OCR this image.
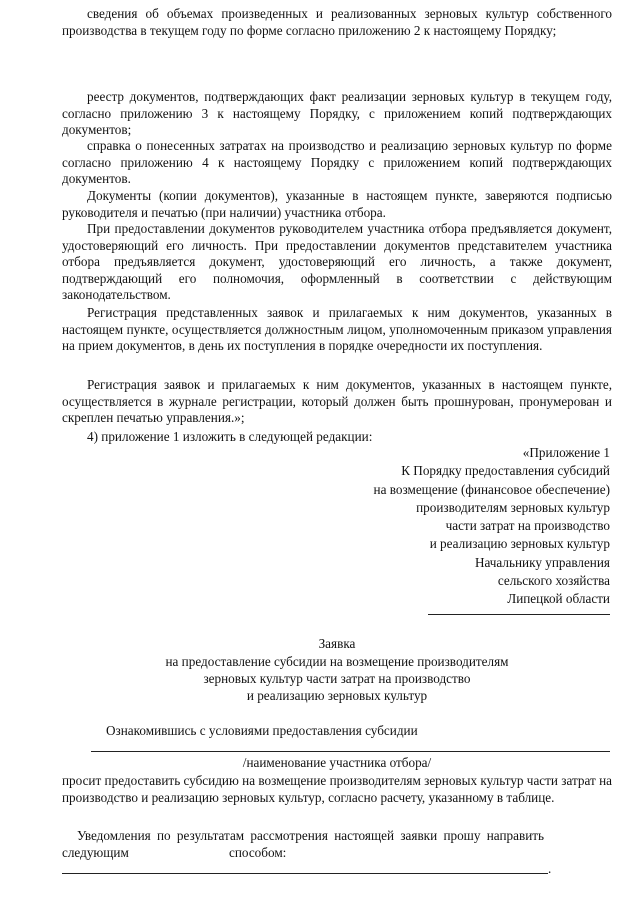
сведения об объемах произведенных и реализованных зерновых культур собственного производства в текущем году по форме согласно приложению 2 к настоящему Порядку;

реестр документов, подтверждающих факт реализации зерновых культур в текущем году, согласно приложению 3 к настоящему Порядку, с приложением копий подтверждающих документов;

справка о понесенных затратах на производство и реализацию зерновых культур по форме согласно приложению 4 к настоящему Порядку с приложением копий подтверждающих документов.

Документы (копии документов), указанные в настоящем пункте, заверяются подписью руководителя и печатью (при наличии) участника отбора.

При предоставлении документов руководителем участника отбора предъявляется документ, удостоверяющий его личность. При предоставлении документов представителем участника отбора предъявляется документ, удостоверяющий его личность, а также документ, подтверждающий его полномочия, оформленный в соответствии с действующим законодательством.

Регистрация представленных заявок и прилагаемых к ним документов, указанных в настоящем пункте, осуществляется должностным лицом, уполномоченным приказом управления на прием документов, в день их поступления в порядке очередности их поступления.

Регистрация заявок и прилагаемых к ним документов, указанных в настоящем пункте, осуществляется в журнале регистрации, который должен быть прошнурован, пронумерован и скреплен печатью управления.»;

4) приложение 1 изложить в следующей редакции:

«Приложение 1
К Порядку предоставления субсидий
на возмещение (финансовое обеспечение)
производителям зерновых культур
части затрат на производство
и реализацию зерновых культур
Начальнику управления
сельского хозяйства
Липецкой области
Заявка
на предоставление субсидии на возмещение производителям
зерновых культур части затрат на производство
и реализацию зерновых культур
Ознакомившись с условиями предоставления субсидии
/наименование участника отбора/

просит предоставить субсидию на возмещение производителям зерновых культур части затрат на производство и реализацию зерновых культур, согласно расчету, указанному в таблице.

Уведомления по результатам рассмотрения настоящей заявки прошу направить
следующим	способом:
.
